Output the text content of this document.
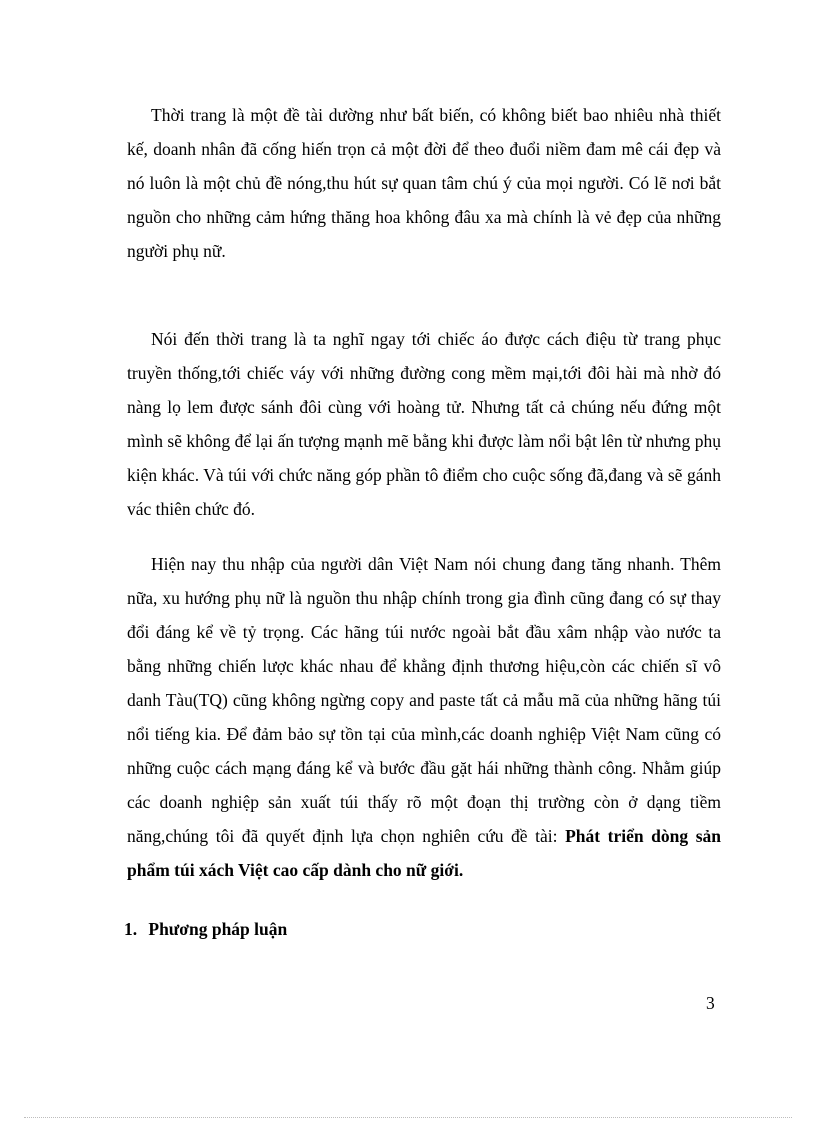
Thời trang là một đề tài dường như bất biến, có không biết bao nhiêu nhà thiết kế, doanh nhân đã cống hiến trọn cả một đời để theo đuổi niềm đam mê cái đẹp và nó luôn là một chủ đề nóng,thu hút sự quan tâm chú ý của mọi người. Có lẽ nơi bắt nguồn cho những cảm hứng thăng hoa không đâu xa mà chính là vẻ đẹp của những người phụ nữ.

Nói đến thời trang là ta nghĩ ngay tới chiếc áo được cách điệu từ trang phục truyền thống,tới chiếc váy với những đường cong mềm mại,tới đôi hài mà nhờ đó nàng lọ lem được sánh đôi cùng với hoàng tử. Nhưng tất cả chúng nếu đứng một mình sẽ không để lại ấn tượng mạnh mẽ bằng khi được làm nổi bật lên từ nhưng phụ kiện khác. Và túi với chức năng góp phần tô điểm cho cuộc sống đã,đang và sẽ gánh vác thiên chức đó.

Hiện nay thu nhập của người dân Việt Nam nói chung đang tăng nhanh. Thêm nữa, xu hướng phụ nữ là nguồn thu nhập chính trong gia đình cũng đang có sự thay đổi đáng kể về tỷ trọng. Các hãng túi nước ngoài bắt đầu xâm nhập vào nước ta bằng những chiến lược khác nhau để khẳng định thương hiệu,còn các chiến sĩ vô danh Tàu(TQ) cũng không ngừng copy and paste tất cả mẫu mã của những hãng túi nổi tiếng kia. Để đảm bảo sự tồn tại của mình,các doanh nghiệp Việt Nam cũng có những cuộc cách mạng đáng kể và bước đầu gặt hái những thành công. Nhằm giúp các doanh nghiệp sản xuất túi thấy rõ một đoạn thị trường còn ở dạng tiềm năng,chúng tôi đã quyết định lựa chọn nghiên cứu đề tài: Phát triển dòng sản phẩm túi xách Việt cao cấp dành cho nữ giới.

1. Phương pháp luận

3
